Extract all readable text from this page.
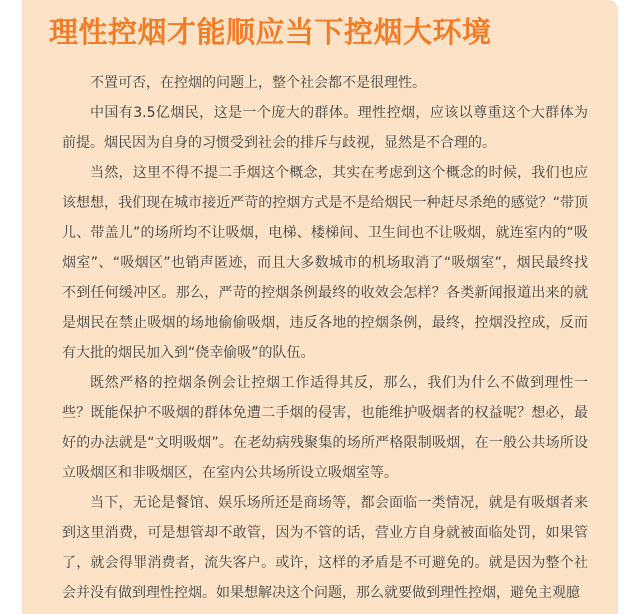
理性控烟才能顺应当下控烟大环境

不置可否，在控烟的问题上，整个社会都不是很理性。

中国有3.5亿烟民，这是一个庞大的群体。理性控烟，应该以尊重这个大群体为前提。烟民因为自身的习惯受到社会的排斥与歧视，显然是不合理的。

当然，这里不得不提二手烟这个概念，其实在考虑到这个概念的时候，我们也应该想想，我们现在城市接近严苛的控烟方式是不是给烟民一种赶尽杀绝的感觉？“带顶儿、带盖儿”的场所均不让吸烟，电梯、楼梯间、卫生间也不让吸烟，就连室内的“吸烟室”、“吸烟区”也销声匿迹，而且大多数城市的机场取消了“吸烟室”，烟民最终找不到任何缓冲区。那么，严苛的控烟条例最终的收效会怎样？各类新闻报道出来的就是烟民在禁止吸烟的场地偷偷吸烟，违反各地的控烟条例，最终，控烟没控成，反而有大批的烟民加入到“侥幸偷吸”的队伍。

既然严格的控烟条例会让控烟工作适得其反，那么，我们为什么不做到理性一些？既能保护不吸烟的群体免遭二手烟的侵害，也能维护吸烟者的权益呢？想必，最好的办法就是“文明吸烟”。在老幼病残聚集的场所严格限制吸烟，在一般公共场所设立吸烟区和非吸烟区，在室内公共场所设立吸烟室等。

当下，无论是餐馆、娱乐场所还是商场等，都会面临一类情况，就是有吸烟者来到这里消费，可是想管却不敢管，因为不管的话，营业方自身就被面临处罚，如果管了，就会得罪消费者，流失客户。或许，这样的矛盾是不可避免的。就是因为整个社会并没有做到理性控烟。如果想解决这个问题，那么就要做到理性控烟，避免主观臆
